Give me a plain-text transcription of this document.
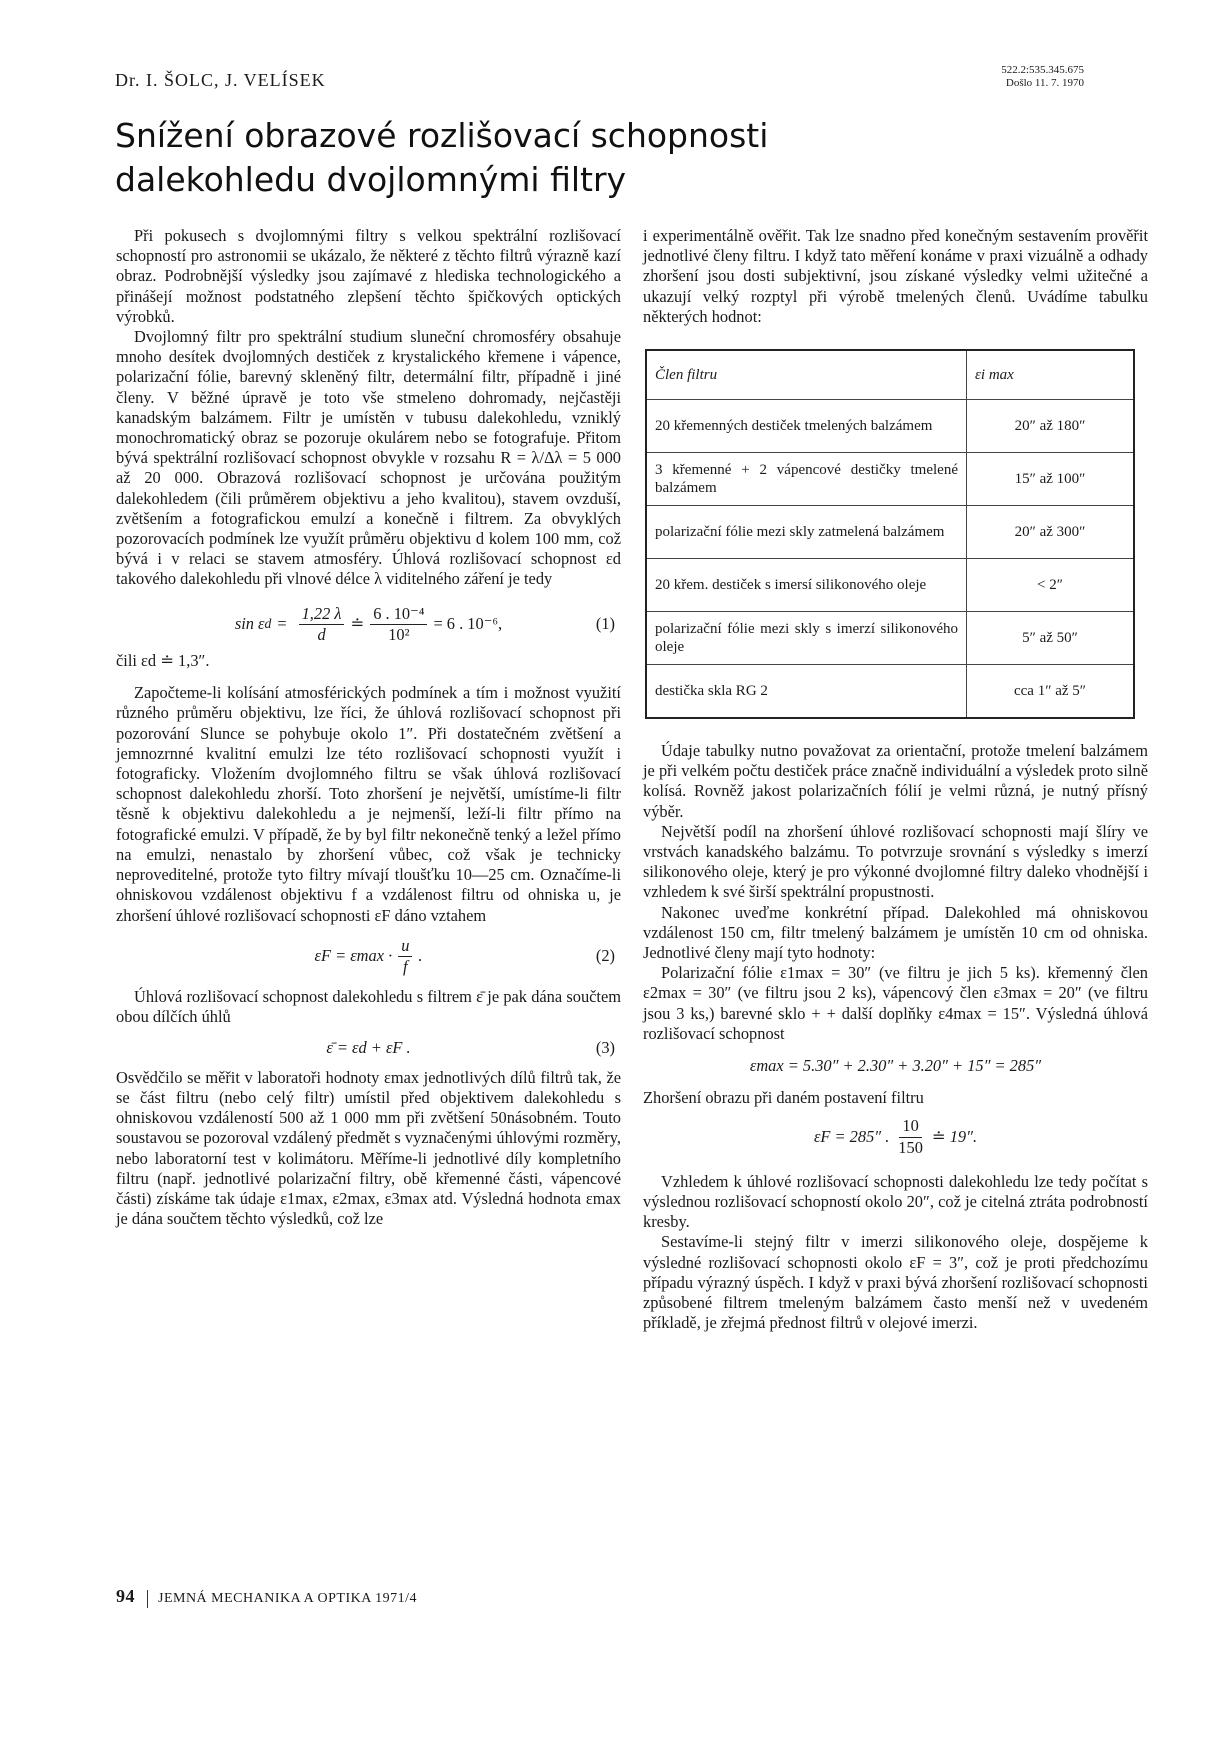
Dr. I. ŠOLC, J. VELÍSEK	522.2:535.345.675
Došlo 11. 7. 1970
Snížení obrazové rozlišovací schopnosti dalekohledu dvojlomnými filtry

Při pokusech s dvojlomnými filtry s velkou spektrální rozlišovací schopností pro astronomii se ukázalo, že některé z těchto filtrů výrazně kazí obraz. Podrobnější výsledky jsou zajímavé z hlediska technologického a přinášejí možnost podstatného zlepšení těchto špičkových optických výrobků.

Dvojlomný filtr pro spektrální studium sluneční chromosféry obsahuje mnoho desítek dvojlomných destiček z krystalického křemene i vápence, polarizační fólie, barevný skleněný filtr, determální filtr, případně i jiné členy. V běžné úpravě je toto vše stmeleno dohromady, nejčastěji kanadským balzámem. Filtr je umístěn v tubusu dalekohledu, vzniklý monochromatický obraz se pozoruje okulárem nebo se fotografuje. Přitom bývá spektrální rozlišovací schopnost obvykle v rozsahu R = λ/Δλ = 5 000 až 20 000. Obrazová rozlišovací schopnost je určována použitým dalekohledem (čili průměrem objektivu a jeho kvalitou), stavem ovzduší, zvětšením a fotografickou emulzí a konečně i filtrem. Za obvyklých pozorovacích podmínek lze využít průměru objektivu d kolem 100 mm, což bývá i v relaci se stavem atmosféry. Úhlová rozlišovací schopnost εd takového dalekohledu při vlnové délce λ viditelného záření je tedy

sin ε $d = \frac{1,22 \lambda}{d}$ ≐ $\frac{\text{6 . 10⁻⁴}}{\text{10²}} = 6$ . 10⁻⁶,	(1)

čili εd ≐ 1,3″.

Započteme-li kolísání atmosférických podmínek a tím i možnost využití různého průměru objektivu, lze říci, že úhlová rozlišovací schopnost při pozorování Slunce se pohybuje okolo 1″. Při dostatečném zvětšení a jemnozrnné kvalitní emulzi lze této rozlišovací schopnosti využít i fotograficky. Vložením dvojlomného filtru se však úhlová rozlišovací schopnost dalekohledu zhorší. Toto zhoršení je největší, umístíme-li filtr těsně k objektivu dalekohledu a je nejmenší, leží-li filtr přímo na fotografické emulzi. V případě, že by byl filtr nekonečně tenký a ležel přímo na emulzi, nenastalo by zhoršení vůbec, což však je technicky neproveditelné, protože tyto filtry mívají tloušťku 10—25 cm. Označíme-li ohniskovou vzdálenost objektivu f a vzdálenost filtru od ohniska u, je zhoršení úhlové rozlišovací schopnosti εF dáno vztahem

$\varepsilon F = \varepsilon\max \cdot \frac{u}{f}$ .	(2)

Úhlová rozlišovací schopnost dalekohledu s filtrem ε̄ je pak dána součtem obou dílčích úhlů

ε̄ = εd + εF .	(3)

Osvědčilo se měřit v laboratoři hodnoty εmax jednotlivých dílů filtrů tak, že se část filtru (nebo celý filtr) umístil před objektivem dalekohledu s ohniskovou vzdáleností 500 až 1 000 mm při zvětšení 50násobném. Touto soustavou se pozoroval vzdálený předmět s vyznačenými úhlovými rozměry, nebo laboratorní test v kolimátoru. Měříme-li jednotlivé díly kompletního filtru (např. jednotlivé polarizační filtry, obě křemenné části, vápencové části) získáme tak údaje ε1max, ε2max, ε3max atd. Výsledná hodnota εmax je dána součtem těchto výsledků, což lze

i experimentálně ověřit. Tak lze snadno před konečným sestavením prověřit jednotlivé členy filtru. I když tato měření konáme v praxi vizuálně a odhady zhoršení jsou dosti subjektivní, jsou získané výsledky velmi užitečné a ukazují velký rozptyl při výrobě tmelených členů. Uvádíme tabulku některých hodnot:

Člen filtru	εi max
20 křemenných destiček tmelených balzámem	20″ až 180″
3 křemenné + 2 vápencové destičky tmelené balzámem	15″ až 100″
polarizační fólie mezi skly zatmelená balzámem	20″ až 300″
20 křem. destiček s imersí silikonového oleje	< 2″
polarizační fólie mezi skly s imerzí silikonového oleje	5″ až 50″
destička skla RG 2	cca 1″ až 5″

Údaje tabulky nutno považovat za orientační, protože tmelení balzámem je při velkém počtu destiček práce značně individuální a výsledek proto silně kolísá. Rovněž jakost polarizačních fólií je velmi různá, je nutný přísný výběr.

Největší podíl na zhoršení úhlové rozlišovací schopnosti mají šlíry ve vrstvách kanadského balzámu. To potvrzuje srovnání s výsledky s imerzí silikonového oleje, který je pro výkonné dvojlomné filtry daleko vhodnější i vzhledem k své širší spektrální propustnosti.

Nakonec uveďme konkrétní případ. Dalekohled má ohniskovou vzdálenost 150 cm, filtr tmelený balzámem je umístěn 10 cm od ohniska. Jednotlivé členy mají tyto hodnoty:

Polarizační fólie ε1max = 30″ (ve filtru je jich 5 ks). křemenný člen ε2max = 30″ (ve filtru jsou 2 ks), vápencový člen ε3max = 20″ (ve filtru jsou 3 ks,) barevné sklo + + další doplňky ε4max = 15″. Výsledná úhlová rozlišovací schopnost

εmax = 5.30″ + 2.30″ + 3.20″ + 15″ = 285″

Zhoršení obrazu při daném postavení filtru

εF = 285″ . $\frac{10}{150}$ ≐ 19″.

Vzhledem k úhlové rozlišovací schopnosti dalekohledu lze tedy počítat s výslednou rozlišovací schopností okolo 20″, což je citelná ztráta podrobností kresby.

Sestavíme-li stejný filtr v imerzi silikonového oleje, dospějeme k výsledné rozlišovací schopnosti okolo εF = 3″, což je proti předchozímu případu výrazný úspěch. I když v praxi bývá zhoršení rozlišovací schopnosti způsobené filtrem tmeleným balzámem často menší než v uvedeném příkladě, je zřejmá přednost filtrů v olejové imerzi.

94 JEMNÁ MECHANIKA A OPTIKA 1971/4
